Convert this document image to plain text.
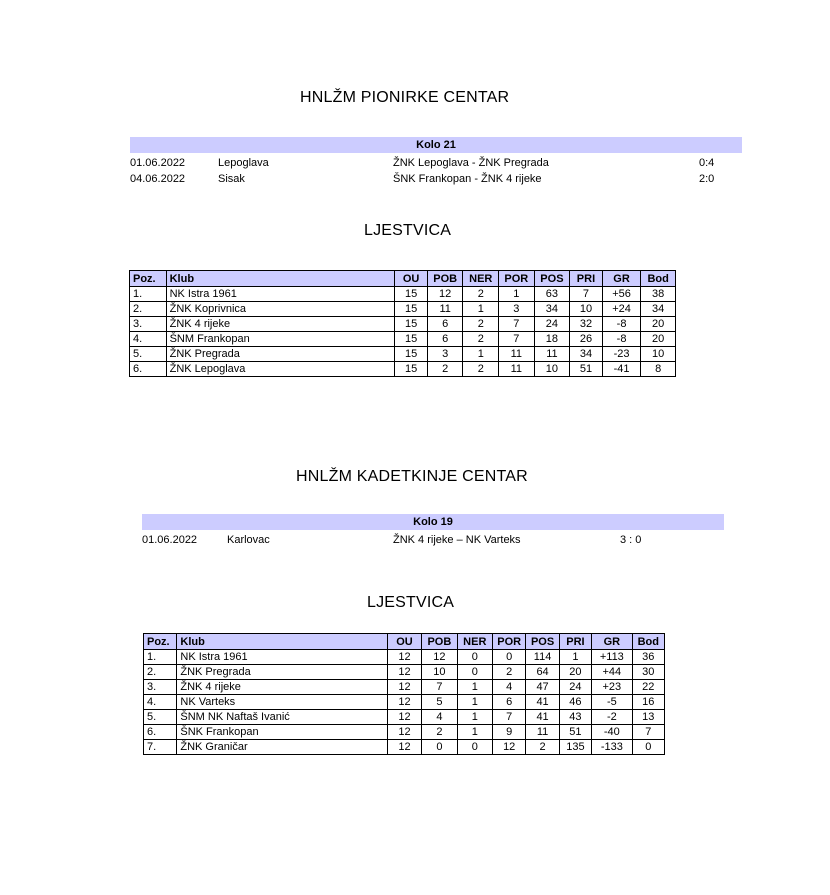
HNLŽM PIONIRKE CENTAR
Kolo 21
01.06.2022	Lepoglava	ŽNK Lepoglava - ŽNK Pregrada	0:4
04.06.2022	Sisak	ŠNK Frankopan - ŽNK 4 rijeke	2:0
LJESTVICA
Poz.	Klub	OU	POB	NER	POR	POS	PRI	GR	Bod
1.	NK Istra 1961	15	12	2	1	63	7	+56	38
2.	ŽNK Koprivnica	15	11	1	3	34	10	+24	34
3.	ŽNK 4 rijeke	15	6	2	7	24	32	-8	20
4.	ŠNM Frankopan	15	6	2	7	18	26	-8	20
5.	ŽNK Pregrada	15	3	1	11	11	34	-23	10
6.	ŽNK Lepoglava	15	2	2	11	10	51	-41	8
HNLŽM KADETKINJE CENTAR
Kolo 19
01.06.2022	Karlovac	ŽNK 4 rijeke – NK Varteks	3 : 0
LJESTVICA
Poz.	Klub	OU	POB	NER	POR	POS	PRI	GR	Bod
1.	NK Istra 1961	12	12	0	0	114	1	+113	36
2.	ŽNK Pregrada	12	10	0	2	64	20	+44	30
3.	ŽNK 4 rijeke	12	7	1	4	47	24	+23	22
4.	NK Varteks	12	5	1	6	41	46	-5	16
5.	ŠNM NK Naftaš Ivanić	12	4	1	7	41	43	-2	13
6.	ŠNK Frankopan	12	2	1	9	11	51	-40	7
7.	ŽNK Graničar	12	0	0	12	2	135	-133	0
